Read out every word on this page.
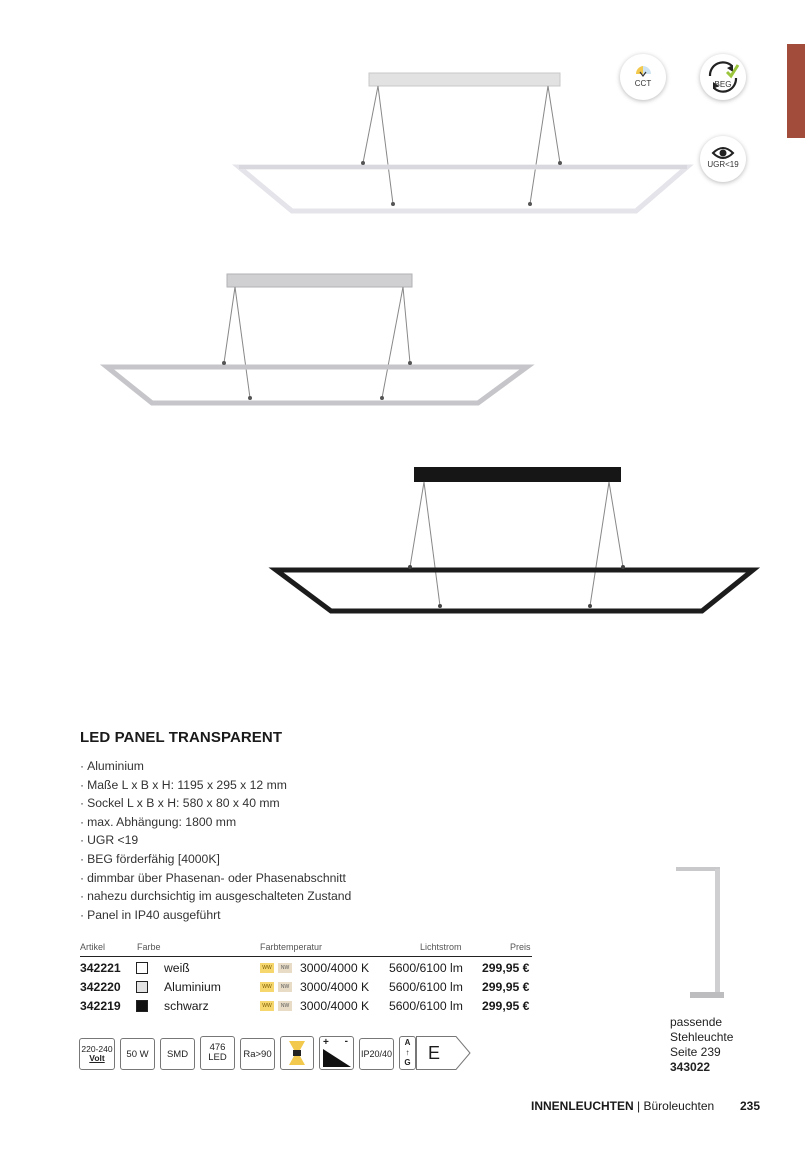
CCT	BEG
UGR<19
LED PANEL TRANSPARENT
· Aluminium
· Maße L x B x H: 1195 x 295 x 12 mm
· Sockel L x B x H: 580 x 80 x 40 mm
· max. Abhängung: 1800 mm
· UGR <19
· BEG förderfähig [4000K]
· dimmbar über Phasenan- oder Phasenabschnitt
· nahezu durchsichtig im ausgeschalteten Zustand
· Panel in IP40 ausgeführt
Artikel	Farbe	Farbtemperatur	Lichtstrom	Preis
342221	weiß	WW	NW 3000/4000 K 5600/6100 lm 299,95 €
342220	Aluminium	WW	NW 3000/4000 K 5600/6100 lm 299,95 €
342219	schwarz	WW	NW 3000/4000 K 5600/6100 lm 299,95 €
220-240
Volt 50 W SMD
476
LED Ra>90
+ -
IP20/40
A
↑
G E
passende
Stehleuchte
Seite 239
343022
INNENLEUCHTEN | Büroleuchten 235
